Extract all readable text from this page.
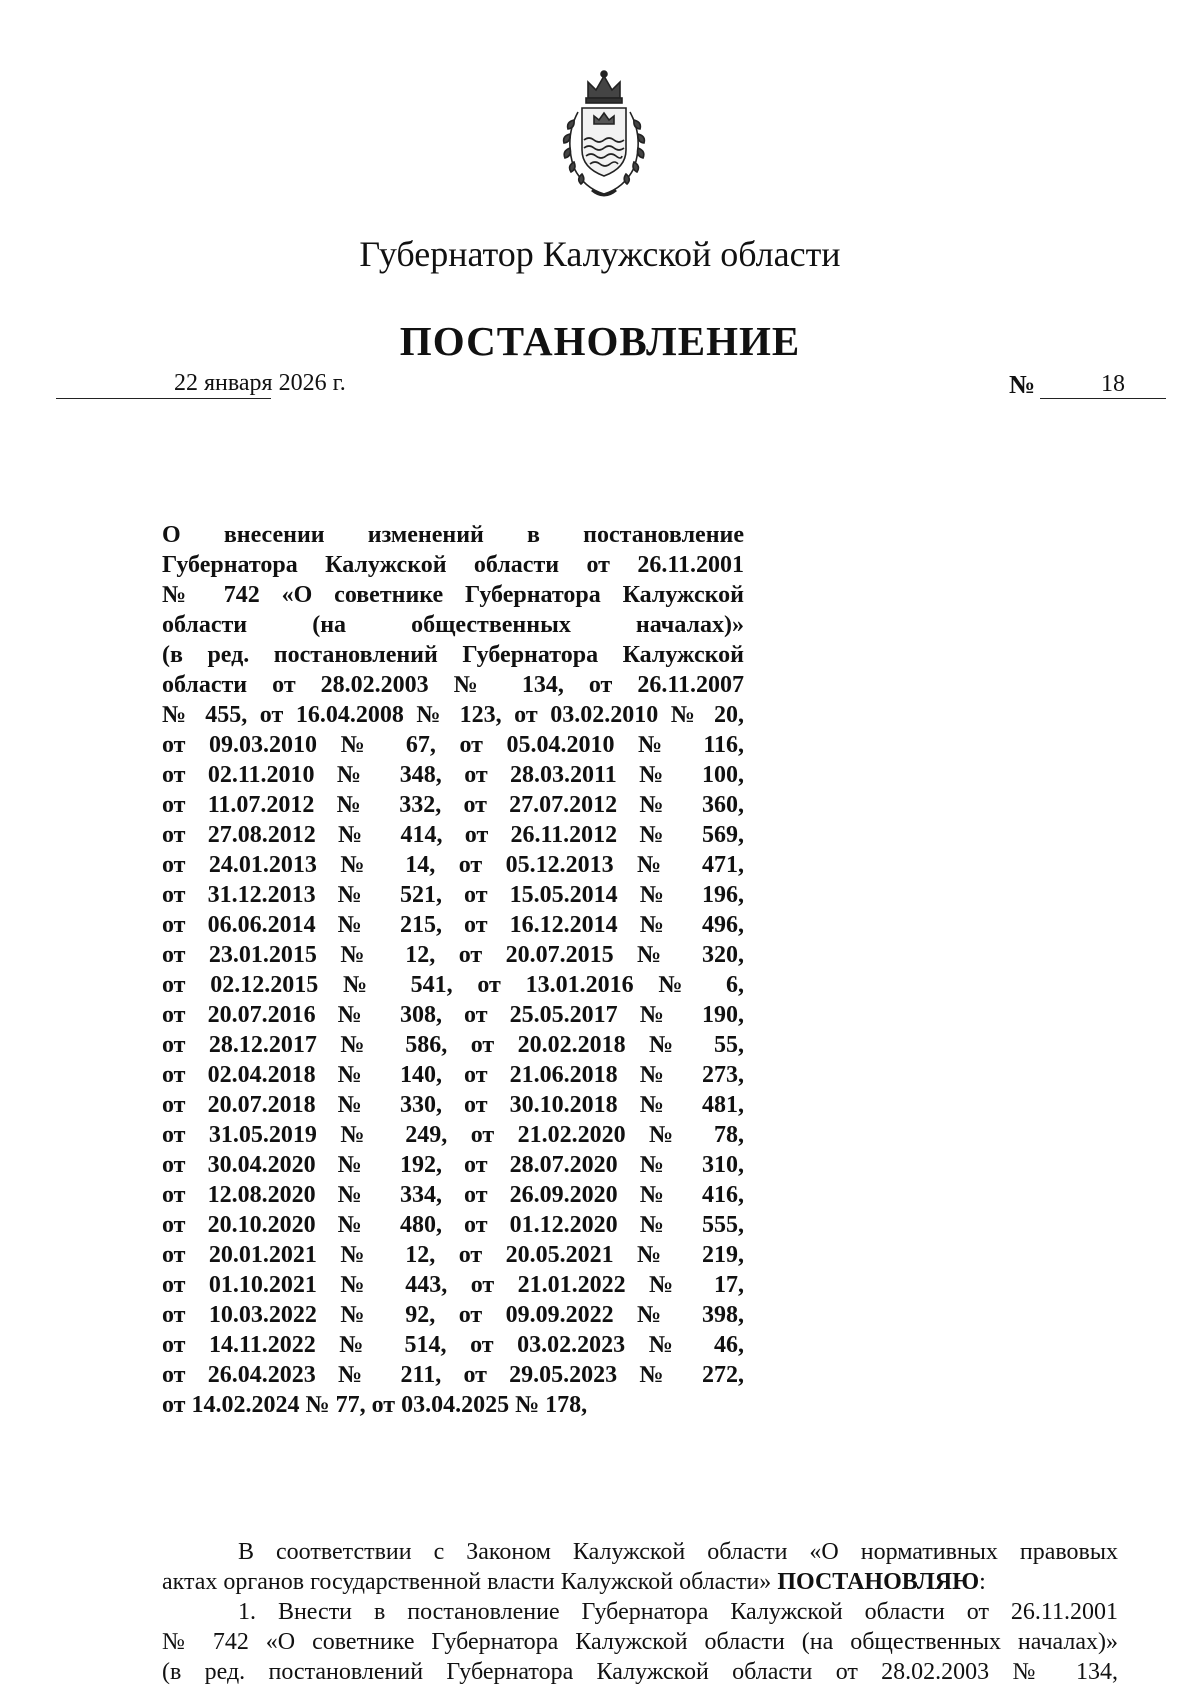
Губернатор Калужской области
ПОСТАНОВЛЕНИЕ
22 января 2026 г.	№	18
О внесении изменений в постановление
Губернатора Калужской области от 26.11.2001
№ 742 «О советнике Губернатора Калужской
области (на общественных началах)»
(в ред. постановлений Губернатора Калужской
области от 28.02.2003 № 134, от 26.11.2007
№ 455, от 16.04.2008 № 123, от 03.02.2010 № 20,
от 09.03.2010 № 67, от 05.04.2010 № 116,
от 02.11.2010 № 348, от 28.03.2011 № 100,
от 11.07.2012 № 332, от 27.07.2012 № 360,
от 27.08.2012 № 414, от 26.11.2012 № 569,
от 24.01.2013 № 14, от 05.12.2013 № 471,
от 31.12.2013 № 521, от 15.05.2014 № 196,
от 06.06.2014 № 215, от 16.12.2014 № 496,
от 23.01.2015 № 12, от 20.07.2015 № 320,
от 02.12.2015 № 541, от 13.01.2016 № 6,
от 20.07.2016 № 308, от 25.05.2017 № 190,
от 28.12.2017 № 586, от 20.02.2018 № 55,
от 02.04.2018 № 140, от 21.06.2018 № 273,
от 20.07.2018 № 330, от 30.10.2018 № 481,
от 31.05.2019 № 249, от 21.02.2020 № 78,
от 30.04.2020 № 192, от 28.07.2020 № 310,
от 12.08.2020 № 334, от 26.09.2020 № 416,
от 20.10.2020 № 480, от 01.12.2020 № 555,
от 20.01.2021 № 12, от 20.05.2021 № 219,
от 01.10.2021 № 443, от 21.01.2022 № 17,
от 10.03.2022 № 92, от 09.09.2022 № 398,
от 14.11.2022 № 514, от 03.02.2023 № 46,
от 26.04.2023 № 211, от 29.05.2023 № 272,
от 14.02.2024 № 77, от 03.04.2025 № 178,
В соответствии с Законом Калужской области «О нормативных правовых
актах органов государственной власти Калужской области» ПОСТАНОВЛЯЮ:
1. Внести в постановление Губернатора Калужской области от 26.11.2001
№ 742 «О советнике Губернатора Калужской области (на общественных началах)»
(в ред. постановлений Губернатора Калужской области от 28.02.2003 № 134,
